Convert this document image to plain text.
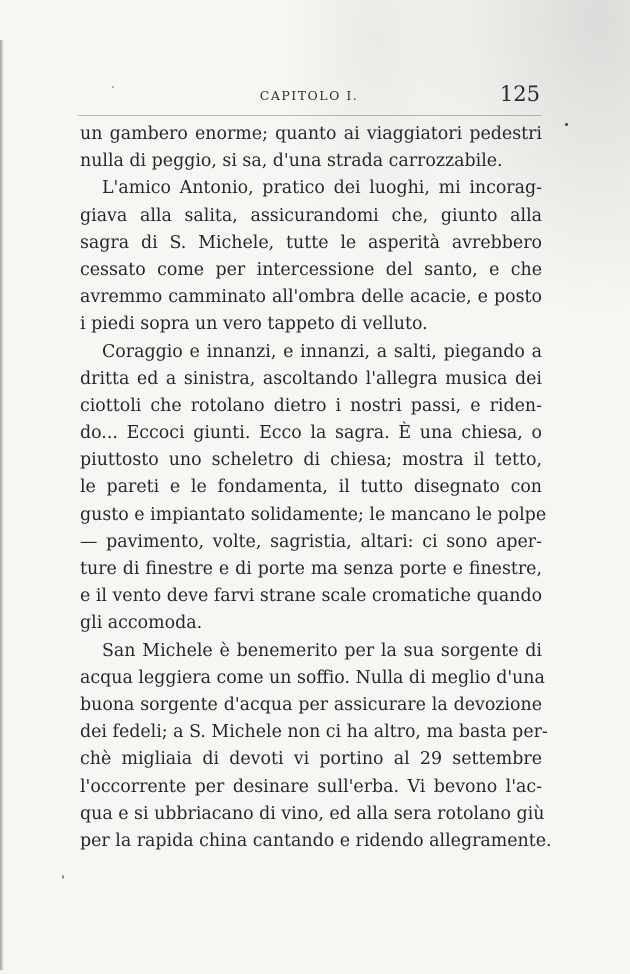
CAPITOLO I.	125
un gambero enorme; quanto ai viaggiatori pedestri
nulla di peggio, si sa, d'una strada carrozzabile.
L'amico Antonio, pratico dei luoghi, mi incorag-
giava alla salita, assicurandomi che, giunto alla
sagra di S. Michele, tutte le asperità avrebbero
cessato come per intercessione del santo, e che
avremmo camminato all'ombra delle acacie, e posto
i piedi sopra un vero tappeto di velluto.
Coraggio e innanzi, e innanzi, a salti, piegando a
dritta ed a sinistra, ascoltando l'allegra musica dei
ciottoli che rotolano dietro i nostri passi, e riden-
do... Eccoci giunti. Ecco la sagra. È una chiesa, o
piuttosto uno scheletro di chiesa; mostra il tetto,
le pareti e le fondamenta, il tutto disegnato con
gusto e impiantato solidamente; le mancano le polpe
— pavimento, volte, sagristia, altari: ci sono aper-
ture di finestre e di porte ma senza porte e finestre,
e il vento deve farvi strane scale cromatiche quando
gli accomoda.
San Michele è benemerito per la sua sorgente di
acqua leggiera come un soffio. Nulla di meglio d'una
buona sorgente d'acqua per assicurare la devozione
dei fedeli; a S. Michele non ci ha altro, ma basta per-
chè migliaia di devoti vi portino al 29 settembre
l'occorrente per desinare sull'erba. Vi bevono l'ac-
qua e si ubbriacano di vino, ed alla sera rotolano giù
per la rapida china cantando e ridendo allegramente.
